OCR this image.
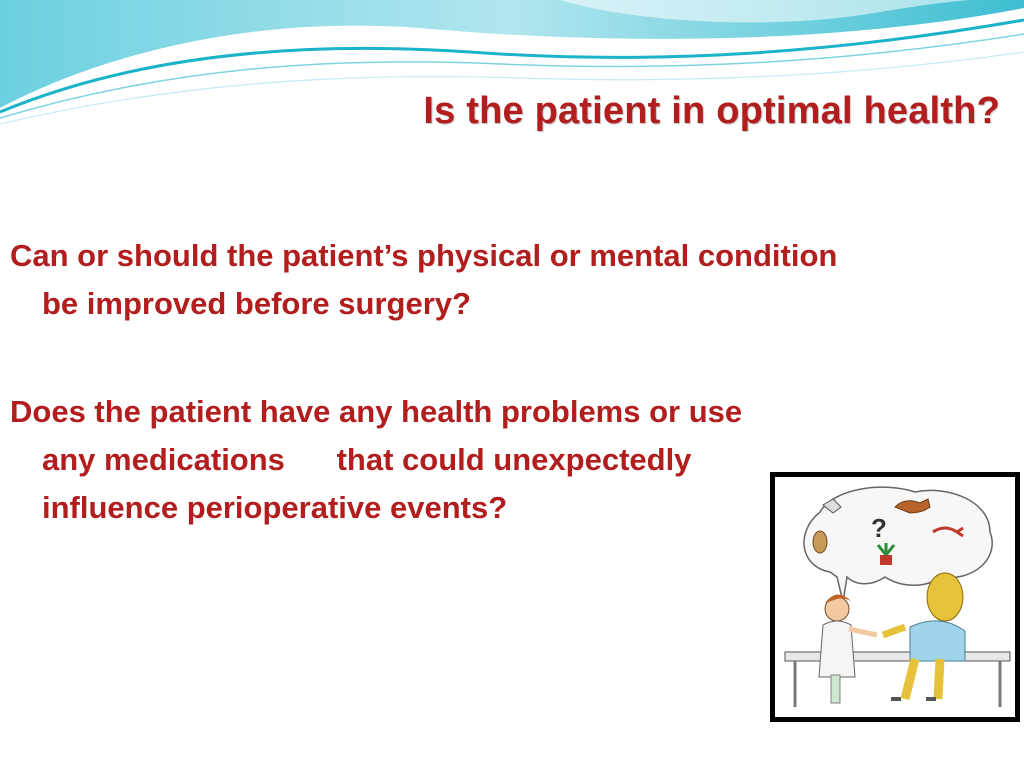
Is the patient in optimal health?
Can or should the patient’s physical or mental condition be improved before surgery?
Does the patient have any health problems or use any medications      that could unexpectedly influence perioperative events?
?
